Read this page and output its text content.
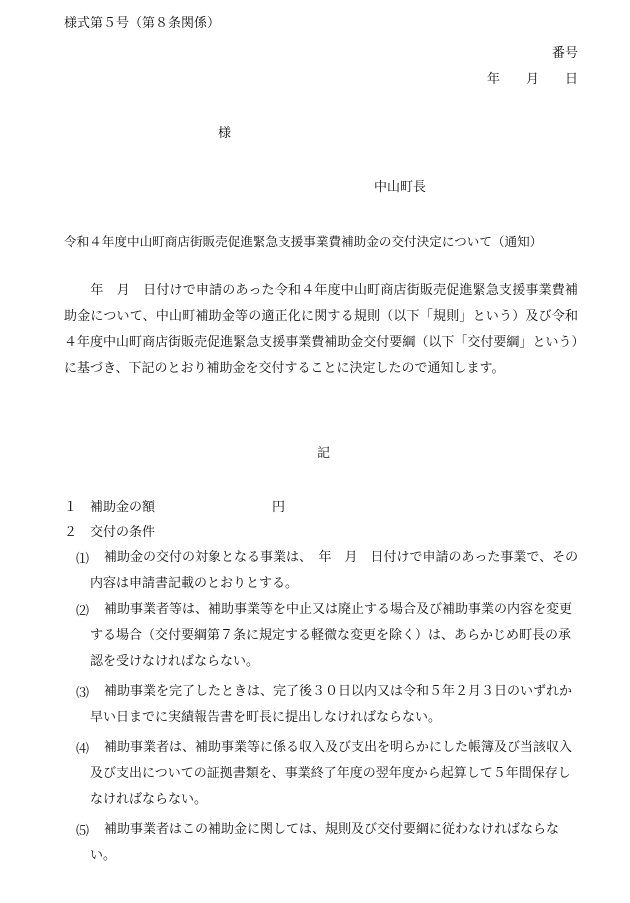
様式第５号（第８条関係）
番号
年　　月　　日
様
中山町長
令和４年度中山町商店街販売促進緊急支援事業費補助金の交付決定について（通知）
　　年　月　日付けで申請のあった令和４年度中山町商店街販売促進緊急支援事業費補助金について、中山町補助金等の適正化に関する規則（以下「規則」という）及び令和４年度中山町商店街販売促進緊急支援事業費補助金交付要綱（以下「交付要綱」という）に基づき、下記のとおり補助金を交付することに決定したので通知します。
記
１ 補助金の額	円
２ 交付の条件
⑴	補助金の交付の対象となる事業は、　年　月　日付けで申請のあった事業で、その内容は申請書記載のとおりとする。
⑵	補助事業者等は、補助事業等を中止又は廃止する場合及び補助事業の内容を変更する場合（交付要綱第７条に規定する軽微な変更を除く）は、あらかじめ町長の承認を受けなければならない。
⑶	補助事業を完了したときは、完了後３０日以内又は令和５年２月３日のいずれか早い日までに実績報告書を町長に提出しなければならない。
⑷	補助事業者は、補助事業等に係る収入及び支出を明らかにした帳簿及び当該収入及び支出についての証拠書類を、事業終了年度の翌年度から起算して５年間保存しなければならない。
⑸	補助事業者はこの補助金に関しては、規則及び交付要綱に従わなければならない。
